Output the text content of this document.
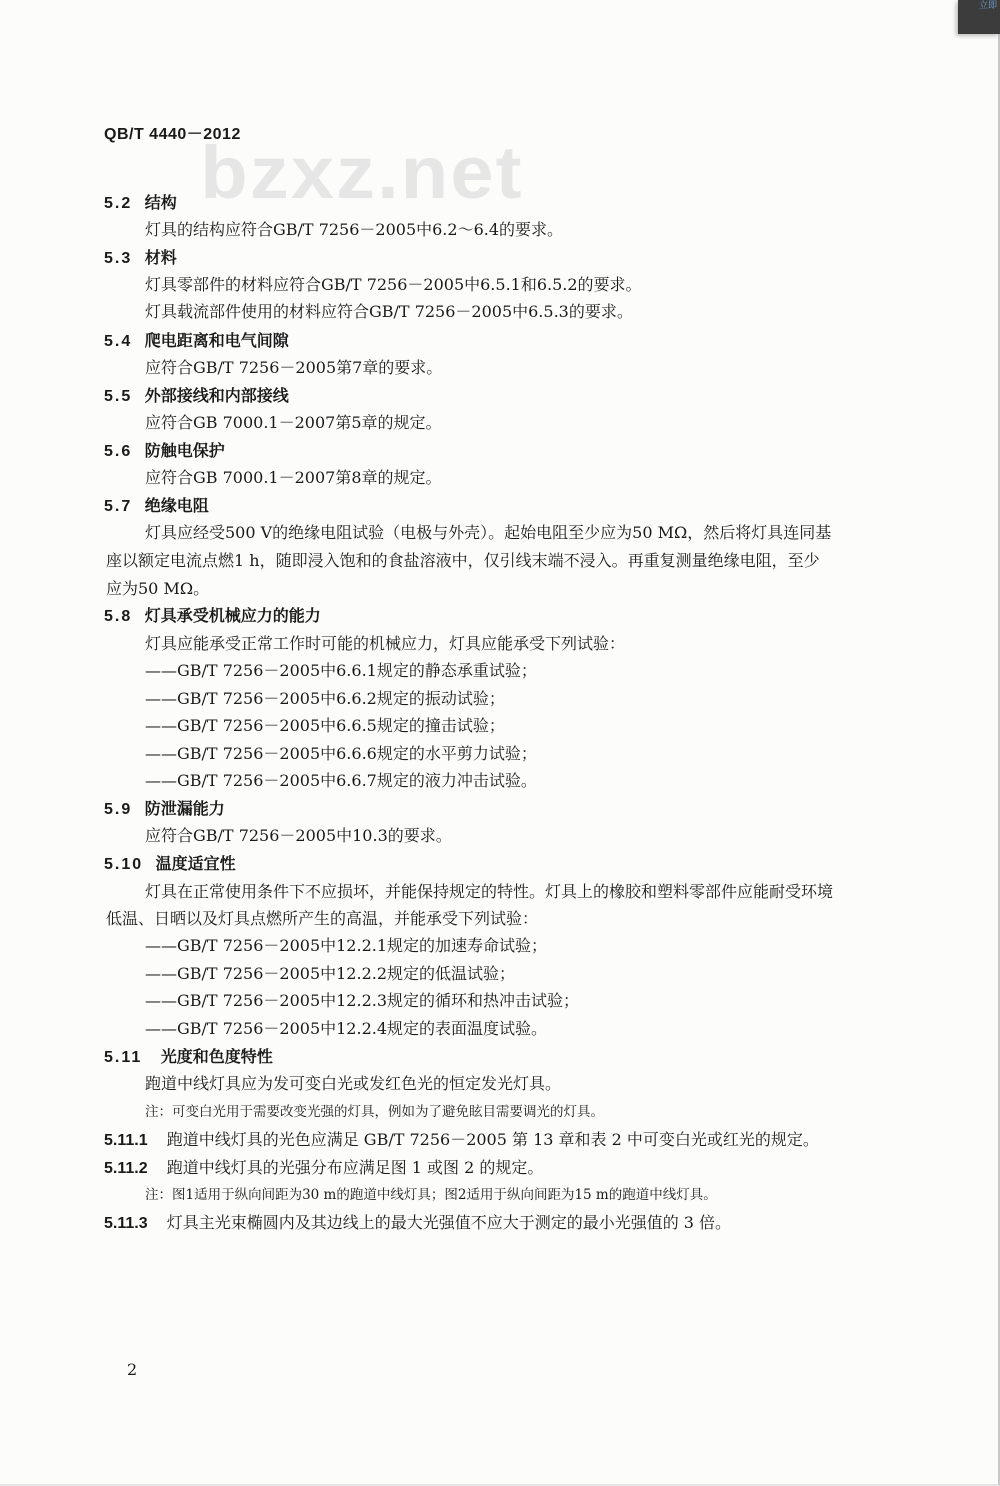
立即
QB/T 4440－2012
bzxz.net
5.2 结构
灯具的结构应符合GB/T 7256－2005中6.2～6.4的要求。
5.3 材料
灯具零部件的材料应符合GB/T 7256－2005中6.5.1和6.5.2的要求。
灯具载流部件使用的材料应符合GB/T 7256－2005中6.5.3的要求。
5.4 爬电距离和电气间隙
应符合GB/T 7256－2005第7章的要求。
5.5 外部接线和内部接线
应符合GB 7000.1－2007第5章的规定。
5.6 防触电保护
应符合GB 7000.1－2007第8章的规定。
5.7 绝缘电阻
灯具应经受500 V的绝缘电阻试验（电极与外壳）。起始电阻至少应为50 MΩ，然后将灯具连同基
座以额定电流点燃1 h，随即浸入饱和的食盐溶液中，仅引线末端不浸入。再重复测量绝缘电阻，至少
应为50 MΩ。
5.8 灯具承受机械应力的能力
灯具应能承受正常工作时可能的机械应力，灯具应能承受下列试验：
——GB/T 7256－2005中6.6.1规定的静态承重试验；
——GB/T 7256－2005中6.6.2规定的振动试验；
——GB/T 7256－2005中6.6.5规定的撞击试验；
——GB/T 7256－2005中6.6.6规定的水平剪力试验；
——GB/T 7256－2005中6.6.7规定的液力冲击试验。
5.9 防泄漏能力
应符合GB/T 7256－2005中10.3的要求。
5.10 温度适宜性
灯具在正常使用条件下不应损坏，并能保持规定的特性。灯具上的橡胶和塑料零部件应能耐受环境
低温、日晒以及灯具点燃所产生的高温，并能承受下列试验：
——GB/T 7256－2005中12.2.1规定的加速寿命试验；
——GB/T 7256－2005中12.2.2规定的低温试验；
——GB/T 7256－2005中12.2.3规定的循环和热冲击试验；
——GB/T 7256－2005中12.2.4规定的表面温度试验。
5.11 光度和色度特性
跑道中线灯具应为发可变白光或发红色光的恒定发光灯具。
注：可变白光用于需要改变光强的灯具，例如为了避免眩目需要调光的灯具。
5.11.1 跑道中线灯具的光色应满足 GB/T 7256－2005 第 13 章和表 2 中可变白光或红光的规定。
5.11.2 跑道中线灯具的光强分布应满足图 1 或图 2 的规定。
注：图1适用于纵向间距为30 m的跑道中线灯具；图2适用于纵向间距为15 m的跑道中线灯具。
5.11.3 灯具主光束椭圆内及其边线上的最大光强值不应大于测定的最小光强值的 3 倍。
2
